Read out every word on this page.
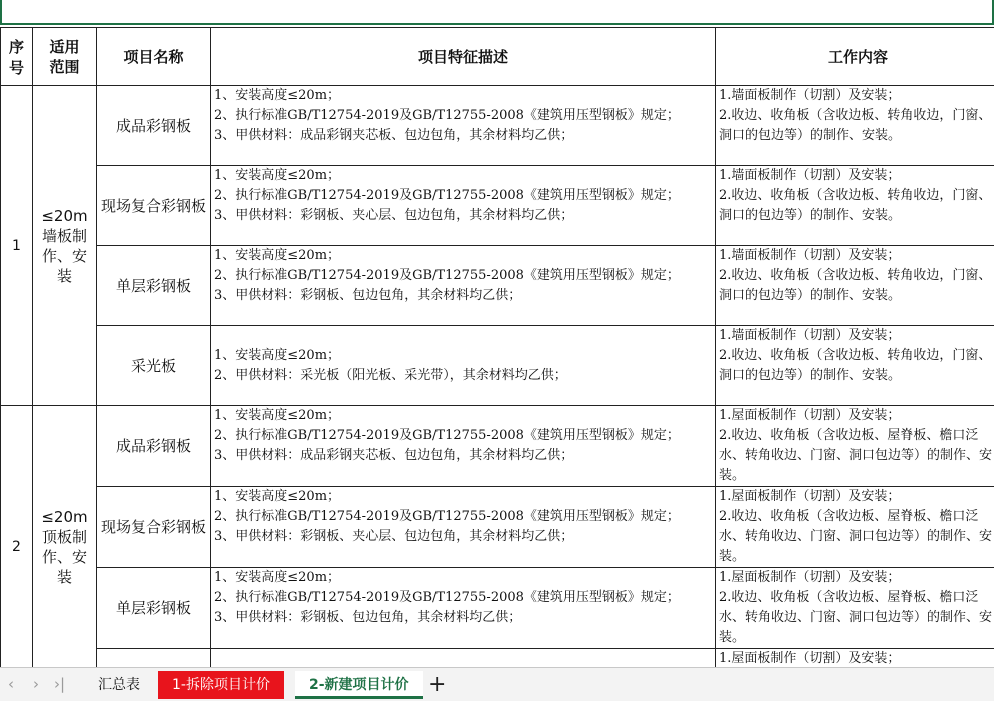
序号	适用范围	项目名称	项目特征描述	工作内容
1	≤20m墙板制作、安装	成品彩钢板	1、安装高度≤20m；
2、执行标准GB/T12754-2019及GB/T12755-2008《建筑用压型钢板》规定；
3、甲供材料：成品彩钢夹芯板、包边包角，其余材料均乙供；	1.墙面板制作（切割）及安装；
2.收边、收角板（含收边板、转角收边，门窗、洞口的包边等）的制作、安装。
		现场复合彩钢板	1、安装高度≤20m；
2、执行标准GB/T12754-2019及GB/T12755-2008《建筑用压型钢板》规定；
3、甲供材料：彩钢板、夹心层、包边包角，其余材料均乙供；	1.墙面板制作（切割）及安装；
2.收边、收角板（含收边板、转角收边，门窗、洞口的包边等）的制作、安装。
		单层彩钢板	1、安装高度≤20m；
2、执行标准GB/T12754-2019及GB/T12755-2008《建筑用压型钢板》规定；
3、甲供材料：彩钢板、包边包角，其余材料均乙供；	1.墙面板制作（切割）及安装；
2.收边、收角板（含收边板、转角收边，门窗、洞口的包边等）的制作、安装。
		采光板	1、安装高度≤20m；
2、甲供材料：采光板（阳光板、采光带），其余材料均乙供；	1.墙面板制作（切割）及安装；
2.收边、收角板（含收边板、转角收边，门窗、洞口的包边等）的制作、安装。
2	≤20m顶板制作、安装	成品彩钢板	1、安装高度≤20m；
2、执行标准GB/T12754-2019及GB/T12755-2008《建筑用压型钢板》规定；
3、甲供材料：成品彩钢夹芯板、包边包角，其余材料均乙供；	1.屋面板制作（切割）及安装；
2.收边、收角板（含收边板、屋脊板、檐口泛水、转角收边、门窗、洞口包边等）的制作、安装。
		现场复合彩钢板	1、安装高度≤20m；
2、执行标准GB/T12754-2019及GB/T12755-2008《建筑用压型钢板》规定；
3、甲供材料：彩钢板、夹心层、包边包角，其余材料均乙供；	1.屋面板制作（切割）及安装；
2.收边、收角板（含收边板、屋脊板、檐口泛水、转角收边、门窗、洞口包边等）的制作、安装。
		单层彩钢板	1、安装高度≤20m；
2、执行标准GB/T12754-2019及GB/T12755-2008《建筑用压型钢板》规定；
3、甲供材料：彩钢板、包边包角，其余材料均乙供；	1.屋面板制作（切割）及安装；
2.收边、收角板（含收边板、屋脊板、檐口泛水、转角收边、门窗、洞口包边等）的制作、安装。
				1.屋面板制作（切割）及安装；
‹ › ›|	汇总表	1-拆除项目计价	2-新建项目计价 +
